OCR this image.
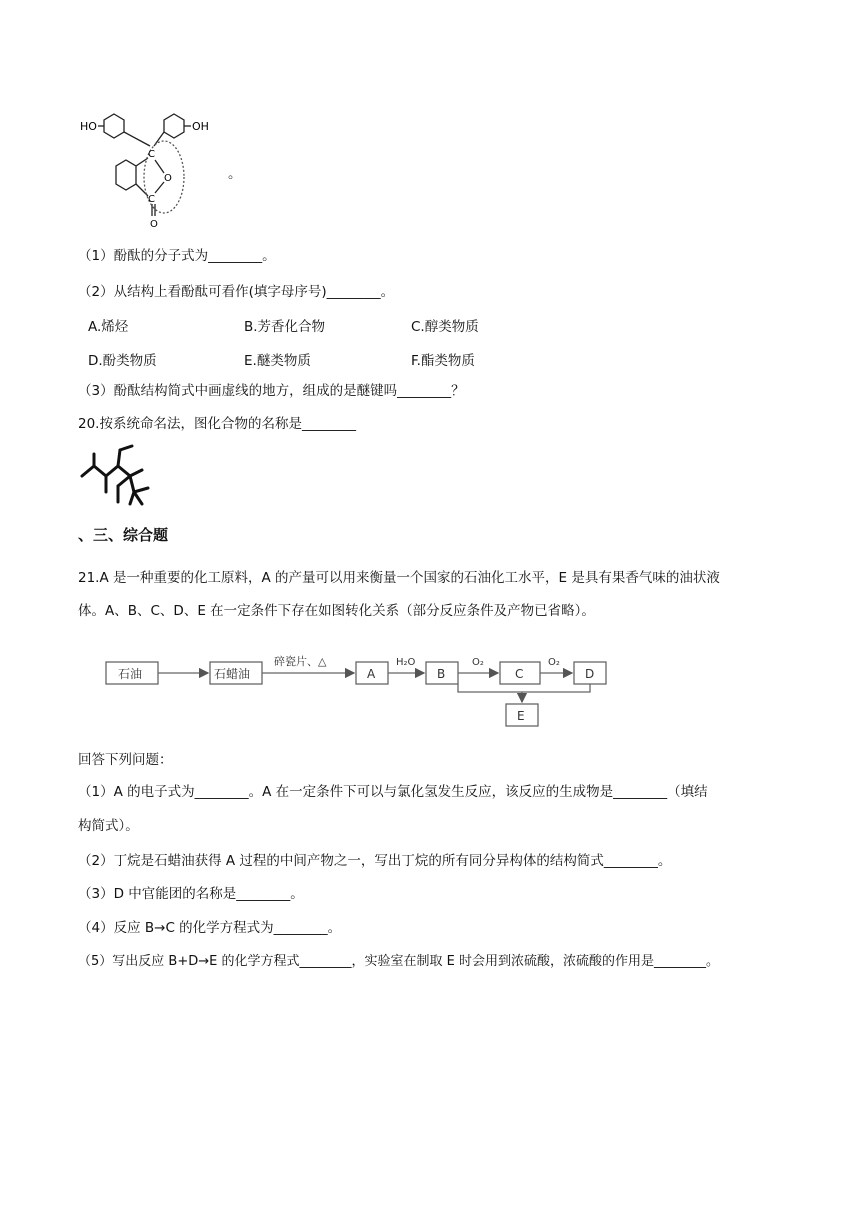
HO	OH
C
O
C
O
。
（1）酚酞的分子式为________。
（2）从结构上看酚酞可看作(填字母序号)________。
A.烯烃	B.芳香化合物	C.醇类物质
D.酚类物质	E.醚类物质	F.酯类物质
（3）酚酞结构简式中画虚线的地方，组成的是醚键吗________？
20.按系统命名法，图化合物的名称是________
、三、综合题
21.A 是一种重要的化工原料，A 的产量可以用来衡量一个国家的石油化工水平，E 是具有果香气味的油状液
体。A、B、C、D、E 在一定条件下存在如图转化关系（部分反应条件及产物已省略）。
石油	石蜡油
碎瓷片、△
A
H₂O
B
O₂
C
O₂
D
E
回答下列问题：
（1）A 的电子式为________。A 在一定条件下可以与氯化氢发生反应，该反应的生成物是________（填结
构简式）。
（2）丁烷是石蜡油获得 A 过程的中间产物之一，写出丁烷的所有同分异构体的结构简式________。
（3）D 中官能团的名称是________。
（4）反应 B→C 的化学方程式为________。
（5）写出反应 B+D→E 的化学方程式________，实验室在制取 E 时会用到浓硫酸，浓硫酸的作用是________。
